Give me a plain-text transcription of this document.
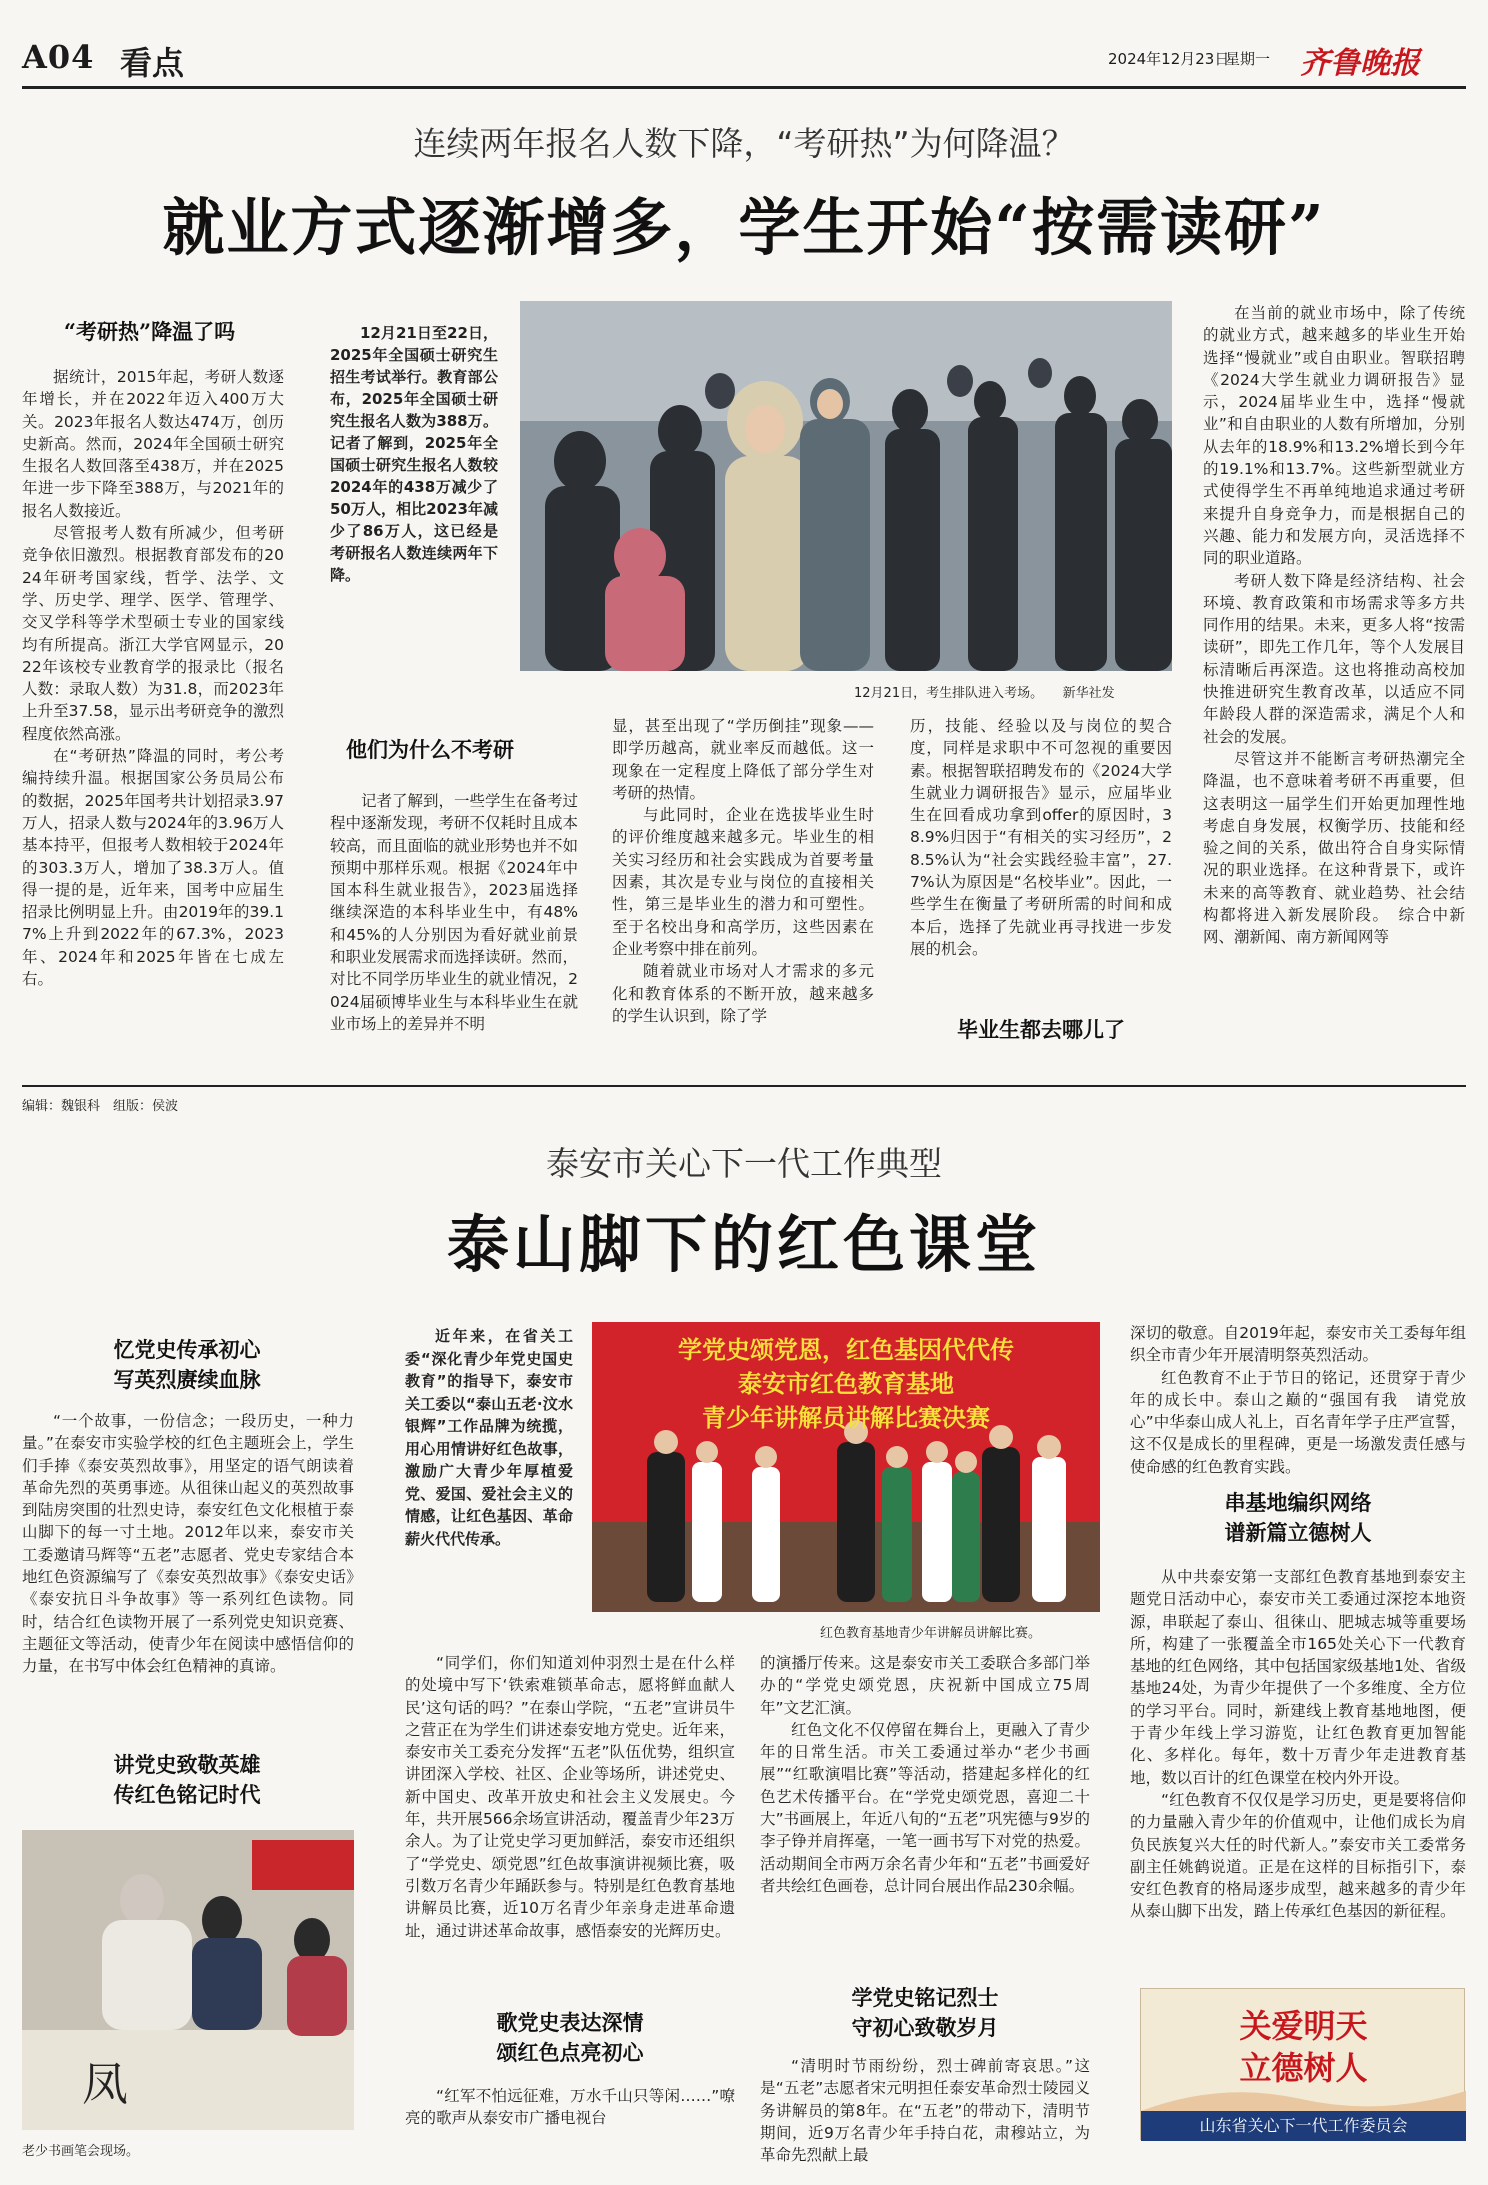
A04 看点	2024年12月23日
星期一 齐鲁晚报
连续两年报名人数下降，“考研热”为何降温？
就业方式逐渐增多，学生开始“按需读研”
“考研热”降温了吗

据统计，2015年起，考研人数逐年增长，并在2022年迈入400万大关。2023年报名人数达474万，创历史新高。然而，2024年全国硕士研究生报名人数回落至438万，并在2025年进一步下降至388万，与2021年的报名人数接近。

尽管报考人数有所减少，但考研竞争依旧激烈。根据教育部发布的2024年研考国家线，哲学、法学、文学、历史学、理学、医学、管理学、交叉学科等学术型硕士专业的国家线均有所提高。浙江大学官网显示，2022年该校专业教育学的报录比（报名人数：录取人数）为31.8，而2023年上升至37.58，显示出考研竞争的激烈程度依然高涨。

在“考研热”降温的同时，考公考编持续升温。根据国家公务员局公布的数据，2025年国考共计划招录3.97万人，招录人数与2024年的3.96万人基本持平，但报考人数相较于2024年的303.3万人，增加了38.3万人。值得一提的是，近年来，国考中应届生招录比例明显上升。由2019年的39.17%上升到2022年的67.3%，2023年、2024年和2025年皆在七成左右。

12月21日至22日，2025年全国硕士研究生招生考试举行。教育部公布，2025年全国硕士研究生报名人数为388万。记者了解到，2025年全国硕士研究生报名人数较2024年的438万减少了50万人，相比2023年减少了86万人，这已经是考研报名人数连续两年下降。

12月21日，考生排队进入考场。　　新华社发
他们为什么不考研

记者了解到，一些学生在备考过程中逐渐发现，考研不仅耗时且成本较高，而且面临的就业形势也并不如预期中那样乐观。根据《2024年中国本科生就业报告》，2023届选择继续深造的本科毕业生中，有48%和45%的人分别因为看好就业前景和职业发展需求而选择读研。然而，对比不同学历毕业生的就业情况，2024届硕博毕业生与本科毕业生在就业市场上的差异并不明

显，甚至出现了“学历倒挂”现象——即学历越高，就业率反而越低。这一现象在一定程度上降低了部分学生对考研的热情。

与此同时，企业在选拔毕业生时的评价维度越来越多元。毕业生的相关实习经历和社会实践成为首要考量因素，其次是专业与岗位的直接相关性，第三是毕业生的潜力和可塑性。至于名校出身和高学历，这些因素在企业考察中排在前列。

随着就业市场对人才需求的多元化和教育体系的不断开放，越来越多的学生认识到，除了学

历，技能、经验以及与岗位的契合度，同样是求职中不可忽视的重要因素。根据智联招聘发布的《2024大学生就业力调研报告》显示，应届毕业生在回看成功拿到offer的原因时，38.9%归因于“有相关的实习经历”，28.5%认为“社会实践经验丰富”，27.7%认为原因是“名校毕业”。因此，一些学生在衡量了考研所需的时间和成本后，选择了先就业再寻找进一步发展的机会。
毕业生都去哪儿了

在当前的就业市场中，除了传统的就业方式，越来越多的毕业生开始选择“慢就业”或自由职业。智联招聘《2024大学生就业力调研报告》显示，2024届毕业生中，选择“慢就业”和自由职业的人数有所增加，分别从去年的18.9%和13.2%增长到今年的19.1%和13.7%。这些新型就业方式使得学生不再单纯地追求通过考研来提升自身竞争力，而是根据自己的兴趣、能力和发展方向，灵活选择不同的职业道路。

考研人数下降是经济结构、社会环境、教育政策和市场需求等多方共同作用的结果。未来，更多人将“按需读研”，即先工作几年，等个人发展目标清晰后再深造。这也将推动高校加快推进研究生教育改革，以适应不同年龄段人群的深造需求，满足个人和社会的发展。

尽管这并不能断言考研热潮完全降温，也不意味着考研不再重要，但这表明这一届学生们开始更加理性地考虑自身发展，权衡学历、技能和经验之间的关系，做出符合自身实际情况的职业选择。在这种背景下，或许未来的高等教育、就业趋势、社会结构都将进入新发展阶段。　综合中新网、潮新闻、南方新闻网等

编辑：魏银科　组版：侯波
泰安市关心下一代工作典型
泰山脚下的红色课堂
忆党史传承初心
写英烈赓续血脉

“一个故事，一份信念；一段历史，一种力量。”在泰安市实验学校的红色主题班会上，学生们手捧《泰安英烈故事》，用坚定的语气朗读着革命先烈的英勇事迹。从徂徕山起义的英烈故事到陆房突围的壮烈史诗，泰安红色文化根植于泰山脚下的每一寸土地。2012年以来，泰安市关工委邀请马辉等“五老”志愿者、党史专家结合本地红色资源编写了《泰安英烈故事》《泰安史话》《泰安抗日斗争故事》等一系列红色读物。同时，结合红色读物开展了一系列党史知识竞赛、主题征文等活动，使青少年在阅读中感悟信仰的力量，在书写中体会红色精神的真谛。

讲党史致敬英雄
传红色铭记时代
凤
老少书画笔会现场。

近年来，在省关工委“深化青少年党史国史教育”的指导下，泰安市关工委以“泰山五老·汶水银辉”工作品牌为统揽，用心用情讲好红色故事，激励广大青少年厚植爱党、爱国、爱社会主义的情感，让红色基因、革命薪火代代传承。

学党史颂党恩，红色基因代代传
泰安市红色教育基地
青少年讲解员讲解比赛决赛
红色教育基地青少年讲解员讲解比赛。

“同学们，你们知道刘仲羽烈士是在什么样的处境中写下‘铁索难锁革命志，愿将鲜血献人民’这句话的吗？”在泰山学院，“五老”宣讲员牛之营正在为学生们讲述泰安地方党史。近年来，泰安市关工委充分发挥“五老”队伍优势，组织宣讲团深入学校、社区、企业等场所，讲述党史、新中国史、改革开放史和社会主义发展史。今年，共开展566余场宣讲活动，覆盖青少年23万余人。为了让党史学习更加鲜活，泰安市还组织了“学党史、颂党恩”红色故事演讲视频比赛，吸引数万名青少年踊跃参与。特别是红色教育基地讲解员比赛，近10万名青少年亲身走进革命遗址，通过讲述革命故事，感悟泰安的光辉历史。

歌党史表达深情
颂红色点亮初心

“红军不怕远征难，万水千山只等闲……”嘹亮的歌声从泰安市广播电视台

的演播厅传来。这是泰安市关工委联合多部门举办的“学党史颂党恩，庆祝新中国成立75周年”文艺汇演。

红色文化不仅停留在舞台上，更融入了青少年的日常生活。市关工委通过举办“老少书画展”“红歌演唱比赛”等活动，搭建起多样化的红色艺术传播平台。在“学党史颂党恩，喜迎二十大”书画展上，年近八旬的“五老”巩宪德与9岁的李子铮并肩挥毫，一笔一画书写下对党的热爱。活动期间全市两万余名青少年和“五老”书画爱好者共绘红色画卷，总计同台展出作品230余幅。

学党史铭记烈士
守初心致敬岁月

“清明时节雨纷纷，烈士碑前寄哀思。”这是“五老”志愿者宋元明担任泰安革命烈士陵园义务讲解员的第8年。在“五老”的带动下，清明节期间，近9万名青少年手持白花，肃穆站立，为革命先烈献上最

深切的敬意。自2019年起，泰安市关工委每年组织全市青少年开展清明祭英烈活动。

红色教育不止于节日的铭记，还贯穿于青少年的成长中。泰山之巅的“强国有我　请党放心”中华泰山成人礼上，百名青年学子庄严宣誓，这不仅是成长的里程碑，更是一场激发责任感与使命感的红色教育实践。

串基地编织网络
谱新篇立德树人

从中共泰安第一支部红色教育基地到泰安主题党日活动中心，泰安市关工委通过深挖本地资源，串联起了泰山、徂徕山、肥城志城等重要场所，构建了一张覆盖全市165处关心下一代教育基地的红色网络，其中包括国家级基地1处、省级基地24处，为青少年提供了一个多维度、全方位的学习平台。同时，新建线上教育基地地图，便于青少年线上学习游览，让红色教育更加智能化、多样化。每年，数十万青少年走进教育基地，数以百计的红色课堂在校内外开设。

“红色教育不仅仅是学习历史，更是要将信仰的力量融入青少年的价值观中，让他们成长为肩负民族复兴大任的时代新人。”泰安市关工委常务副主任姚鹤说道。正是在这样的目标指引下，泰安红色教育的格局逐步成型，越来越多的青少年从泰山脚下出发，踏上传承红色基因的新征程。

关爱明天
立德树人
山东省关心下一代工作委员会
